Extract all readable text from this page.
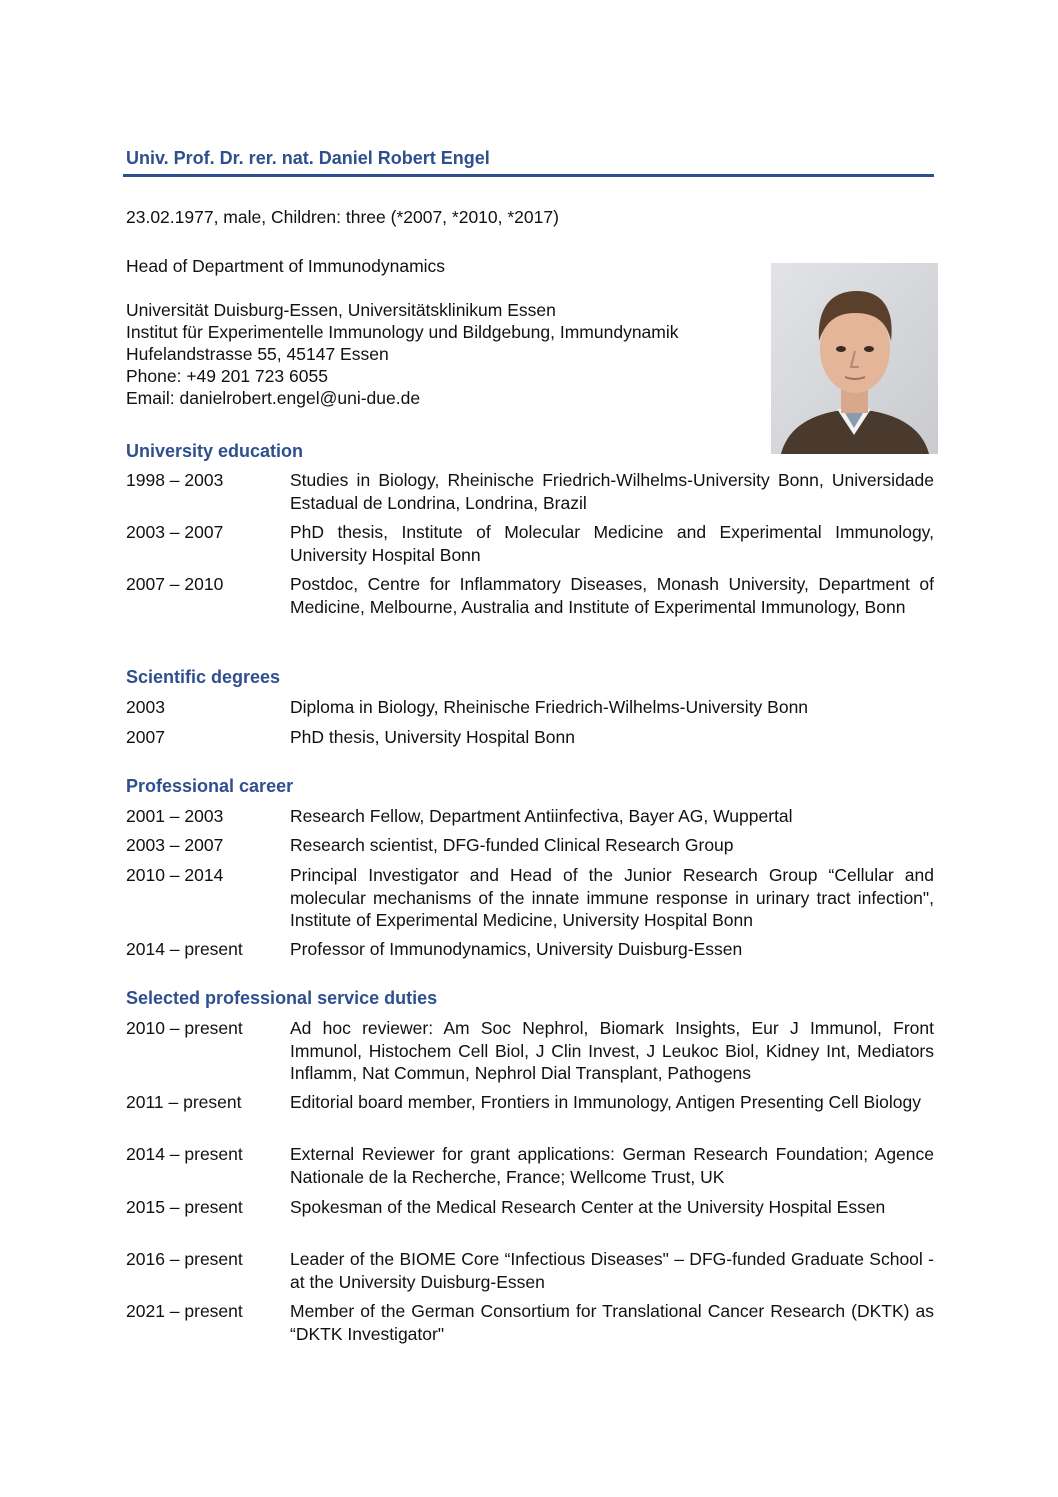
Univ. Prof. Dr. rer. nat. Daniel Robert Engel
23.02.1977, male, Children: three (*2007, *2010, *2017)
Head of Department of Immunodynamics
Universität Duisburg-Essen, Universitätsklinikum Essen
Institut für Experimentelle Immunology und Bildgebung, Immundynamik
Hufelandstrasse 55, 45147 Essen
Phone: +49 201 723 6055
Email: danielrobert.engel@uni-due.de
University education
1998 – 2003	Studies in Biology, Rheinische Friedrich-Wilhelms-University Bonn, Universidade Estadual de Londrina, Londrina, Brazil
2003 – 2007	PhD thesis, Institute of Molecular Medicine and Experimental Immunology, University Hospital Bonn
2007 – 2010	Postdoc, Centre for Inflammatory Diseases, Monash University, Department of Medicine, Melbourne, Australia and Institute of Experimental Immunology, Bonn
Scientific degrees
2003	Diploma in Biology, Rheinische Friedrich-Wilhelms-University Bonn
2007	PhD thesis, University Hospital Bonn
Professional career
2001 – 2003	Research Fellow, Department Antiinfectiva, Bayer AG, Wuppertal
2003 – 2007	Research scientist, DFG-funded Clinical Research Group
2010 – 2014	Principal Investigator and Head of the Junior Research Group “Cellular and molecular mechanisms of the innate immune response in urinary tract infection", Institute of Experimental Medicine, University Hospital Bonn
2014 – present	Professor of Immunodynamics, University Duisburg-Essen
Selected professional service duties
2010 – present	Ad hoc reviewer: Am Soc Nephrol, Biomark Insights, Eur J Immunol, Front Immunol, Histochem Cell Biol, J Clin Invest, J Leukoc Biol, Kidney Int, Mediators Inflamm, Nat Commun, Nephrol Dial Transplant, Pathogens
2011 – present	Editorial board member, Frontiers in Immunology, Antigen Presenting Cell Biology
2014 – present	External Reviewer for grant applications: German Research Foundation; Agence Nationale de la Recherche, France; Wellcome Trust, UK
2015 – present	Spokesman of the Medical Research Center at the University Hospital Essen
2016 – present	Leader of the BIOME Core “Infectious Diseases" – DFG-funded Graduate School - at the University Duisburg-Essen
2021 – present	Member of the German Consortium for Translational Cancer Research (DKTK) as “DKTK Investigator"
